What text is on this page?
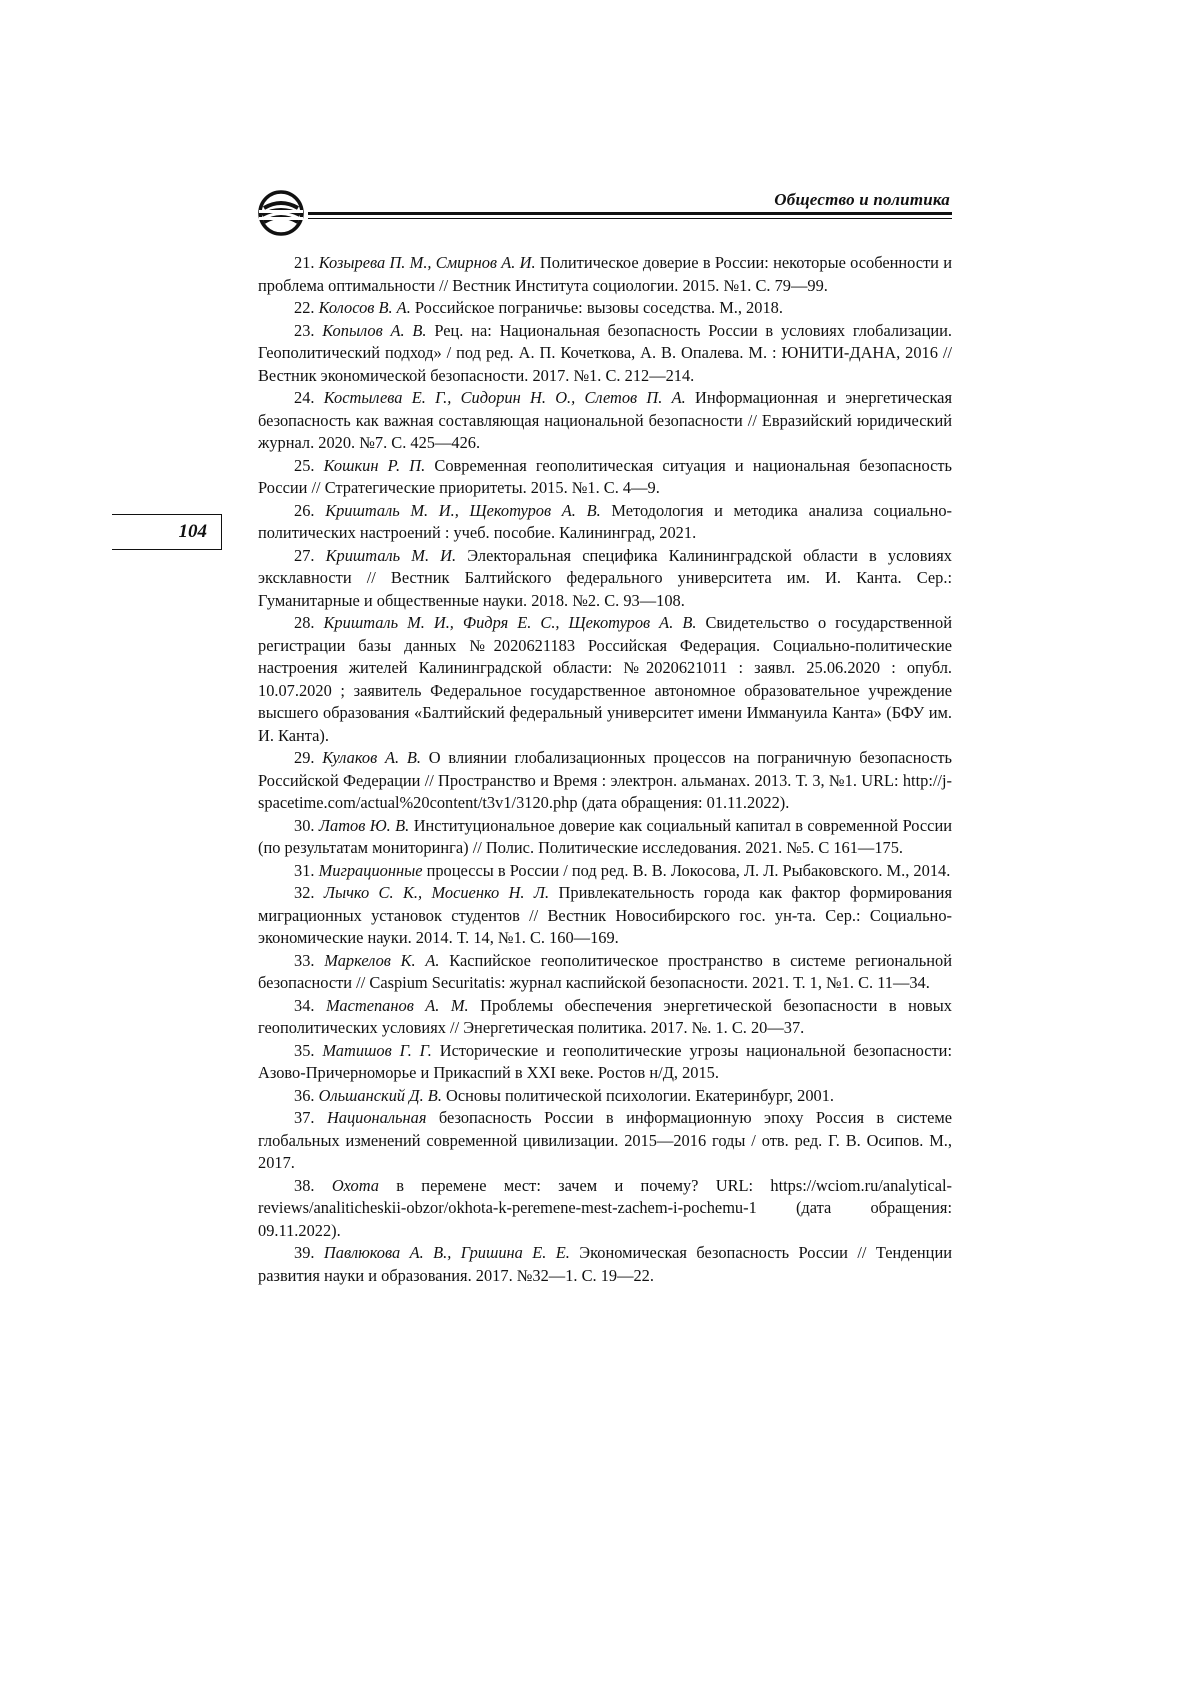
Общество и политика
104

21. Козырева П. М., Смирнов А. И. Политическое доверие в России: некоторые особенности и проблема оптимальности // Вестник Института социологии. 2015. №1. С. 79—99.

22. Колосов В. А. Российское пограничье: вызовы соседства. М., 2018.

23. Копылов А. В. Рец. на: Национальная безопасность России в условиях глобализации. Геополитический подход» / под ред. А. П. Кочеткова, А. В. Опалева. М. : ЮНИТИ-ДАНА, 2016 // Вестник экономической безопасности. 2017. №1. С. 212—214.

24. Костылева Е. Г., Сидорин Н. О., Слетов П. А. Информационная и энергетическая безопасность как важная составляющая национальной безопасности // Евразийский юридический журнал. 2020. №7. С. 425—426.

25. Кошкин Р. П. Современная геополитическая ситуация и национальная безопасность России // Стратегические приоритеты. 2015. №1. С. 4—9.

26. Кришталь М. И., Щекотуров А. В. Методология и методика анализа социально-политических настроений : учеб. пособие. Калининград, 2021.

27. Кришталь М. И. Электоральная специфика Калининградской области в условиях эксклавности // Вестник Балтийского федерального университета им. И. Канта. Сер.: Гуманитарные и общественные науки. 2018. №2. С. 93—108.

28. Кришталь М. И., Фидря Е. С., Щекотуров А. В. Свидетельство о государственной регистрации базы данных №2020621183 Российская Федерация. Социально-политические настроения жителей Калининградской области: №2020621011 : заявл. 25.06.2020 : опубл. 10.07.2020 ; заявитель Федеральное государственное автономное образовательное учреждение высшего образования «Балтийский федеральный университет имени Иммануила Канта» (БФУ им. И. Канта).

29. Кулаков А. В. О влиянии глобализационных процессов на пограничную безопасность Российской Федерации // Пространство и Время : электрон. альманах. 2013. Т. 3, №1. URL: http://j-spacetime.com/actual%20content/t3v1/3120.php (дата обращения: 01.11.2022).

30. Латов Ю. В. Институциональное доверие как социальный капитал в современной России (по результатам мониторинга) // Полис. Политические исследования. 2021. №5. С 161—175.

31. Миграционные процессы в России / под ред. В. В. Локосова, Л. Л. Рыбаковского. М., 2014.

32. Лычко С. К., Мосиенко Н. Л. Привлекательность города как фактор формирования миграционных установок студентов // Вестник Новосибирского гос. ун-та. Сер.: Социально-экономические науки. 2014. Т. 14, №1. С. 160—169.

33. Маркелов К. А. Каспийское геополитическое пространство в системе региональной безопасности // Caspium Securitatis: журнал каспийской безопасности. 2021. Т. 1, №1. С. 11—34.

34. Мастепанов А. М. Проблемы обеспечения энергетической безопасности в новых геополитических условиях // Энергетическая политика. 2017. №. 1. С. 20—37.

35. Матишов Г. Г. Исторические и геополитические угрозы национальной безопасности: Азово-Причерноморье и Прикаспий в XXI веке. Ростов н/Д, 2015.

36. Ольшанский Д. В. Основы политической психологии. Екатеринбург, 2001.

37. Национальная безопасность России в информационную эпоху Россия в системе глобальных изменений современной цивилизации. 2015—2016 годы / отв. ред. Г. В. Осипов. М., 2017.

38. Охота в перемене мест: зачем и почему? URL: https://wciom.ru/analytical-reviews/analiticheskii-obzor/okhota-k-peremene-mest-zachem-i-pochemu-1 (дата обращения: 09.11.2022).

39. Павлюкова А. В., Гришина Е. Е. Экономическая безопасность России // Тенденции развития науки и образования. 2017. №32—1. С. 19—22.
